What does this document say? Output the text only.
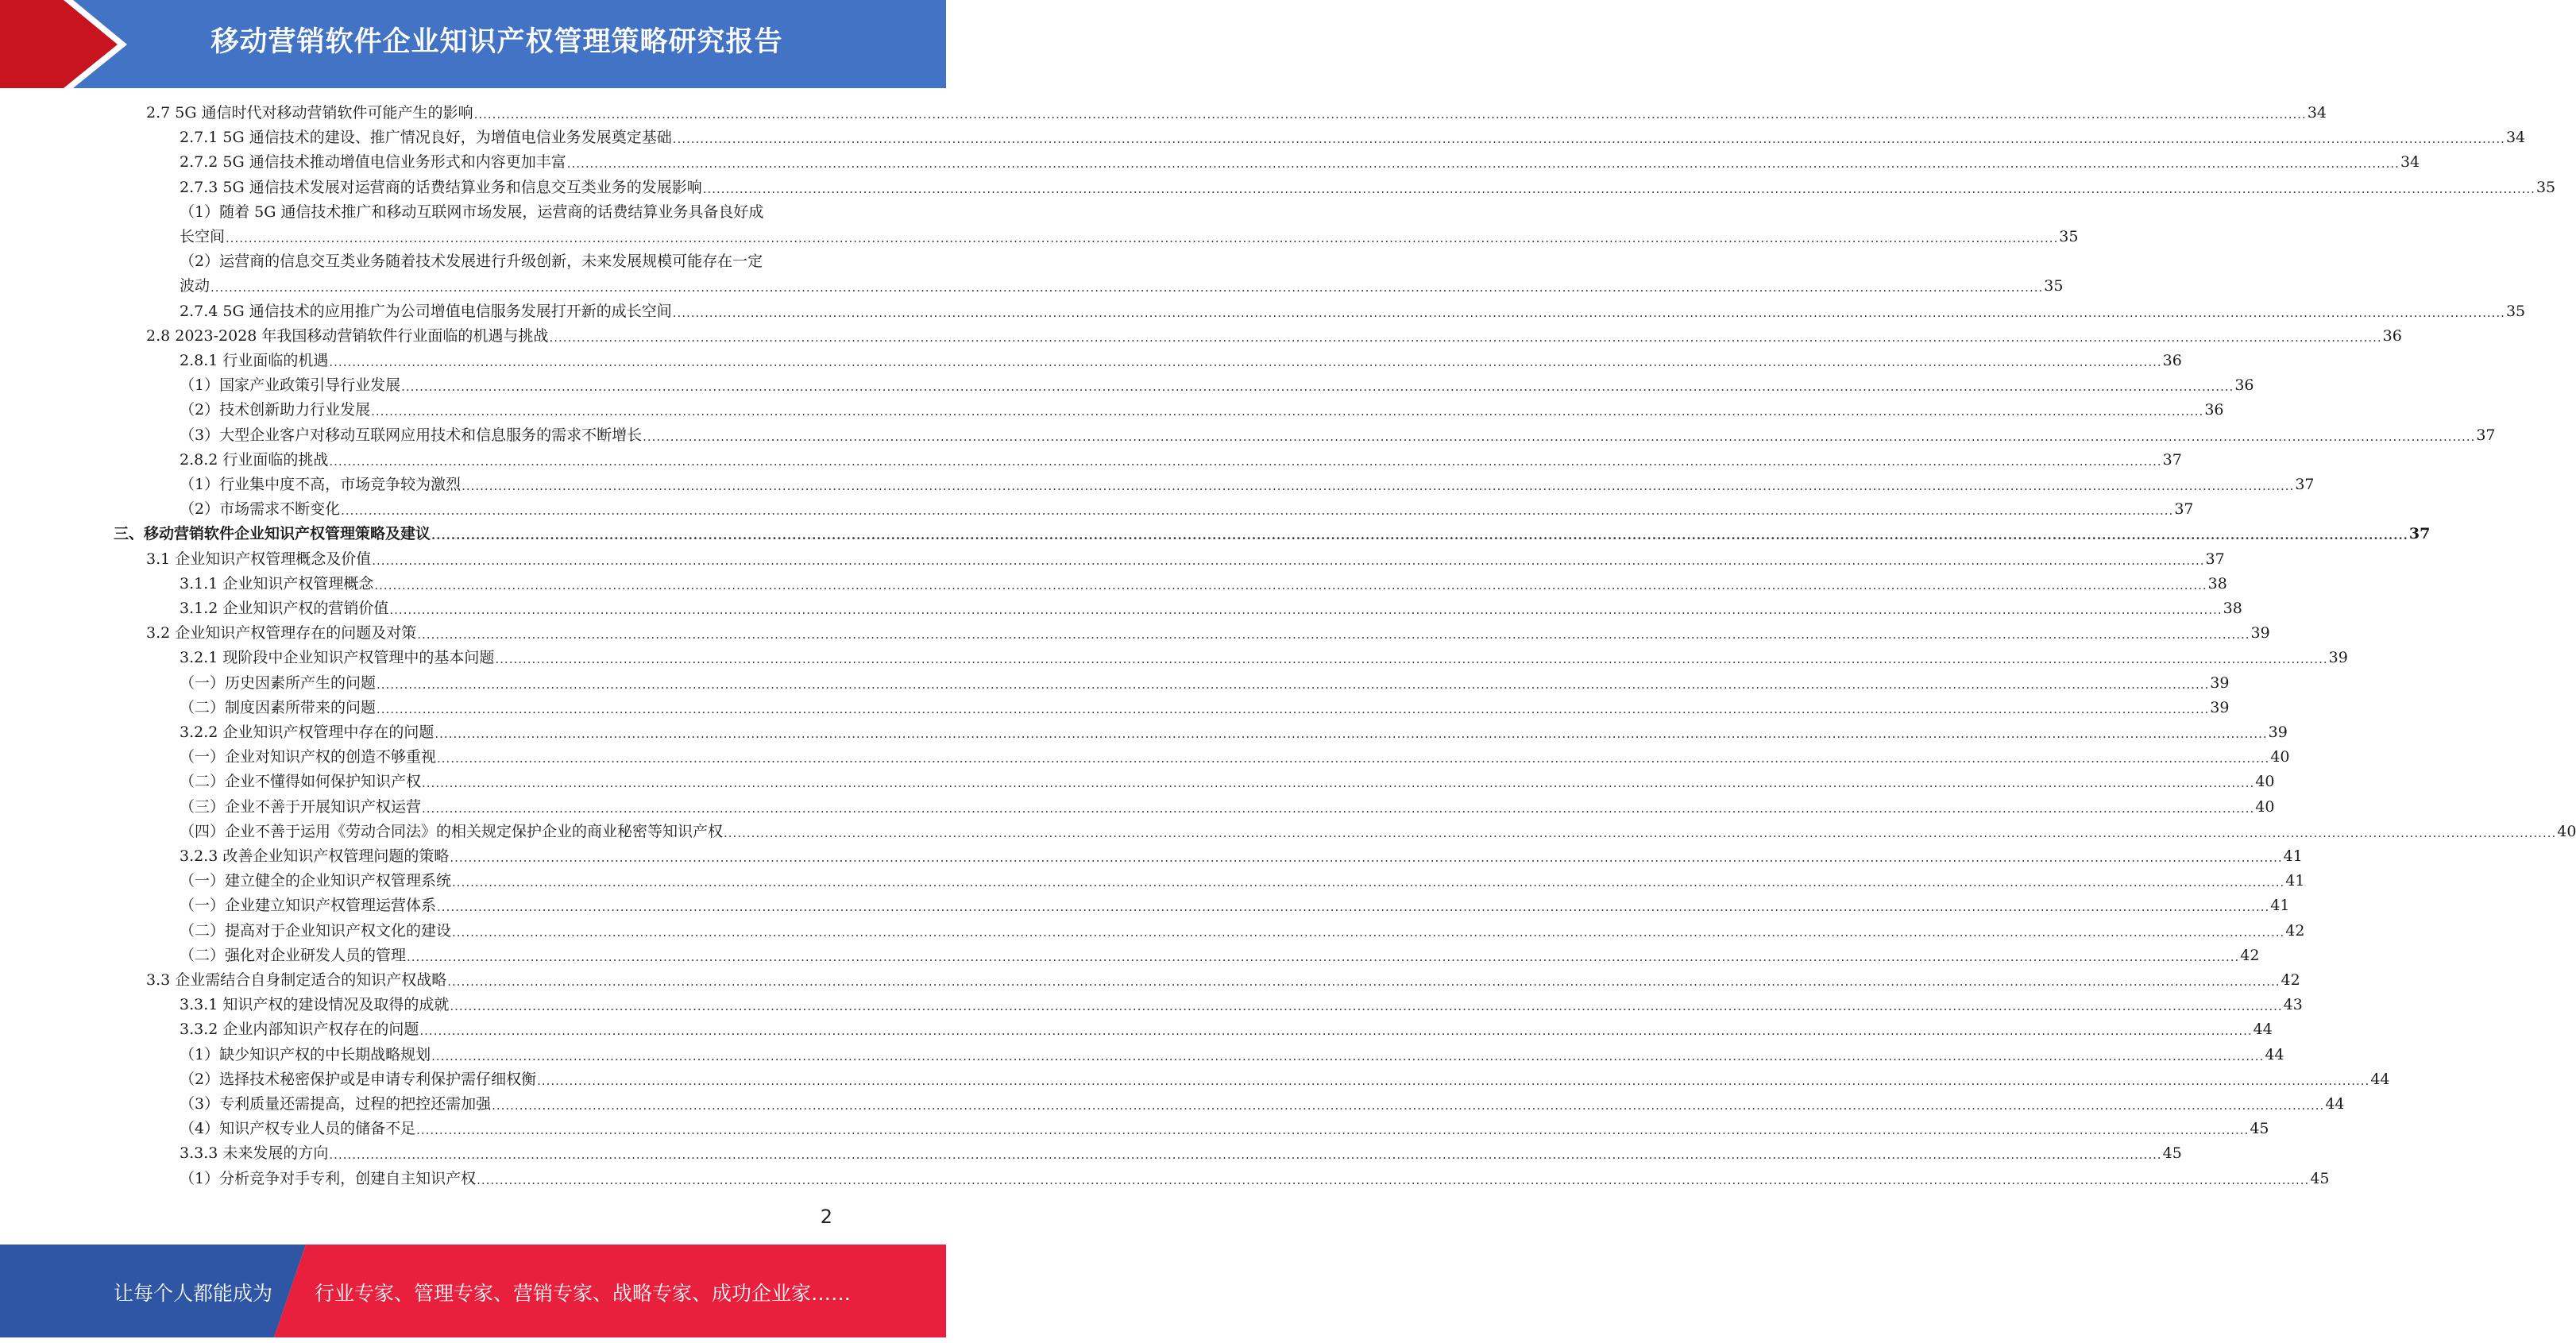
移动营销软件企业知识产权管理策略研究报告
2.7 5G 通信时代对移动营销软件可能产生的影响 ................................................................................................................................................................................................................................................................................................................................................................................................................ 34
2.7.1 5G 通信技术的建设、推广情况良好，为增值电信业务发展奠定基础 ................................................................................................................................................................................................................................................................................................................................................................................................................ 34
2.7.2 5G 通信技术推动增值电信业务形式和内容更加丰富 ................................................................................................................................................................................................................................................................................................................................................................................................................ 34
2.7.3 5G 通信技术发展对运营商的话费结算业务和信息交互类业务的发展影响 ................................................................................................................................................................................................................................................................................................................................................................................................................ 35
（1）随着 5G 通信技术推广和移动互联网市场发展，运营商的话费结算业务具备良好成
长空间 ................................................................................................................................................................................................................................................................................................................................................................................................................ 35
（2）运营商的信息交互类业务随着技术发展进行升级创新，未来发展规模可能存在一定
波动 ................................................................................................................................................................................................................................................................................................................................................................................................................ 35
2.7.4 5G 通信技术的应用推广为公司增值电信服务发展打开新的成长空间 ................................................................................................................................................................................................................................................................................................................................................................................................................ 35
2.8 2023-2028 年我国移动营销软件行业面临的机遇与挑战 ................................................................................................................................................................................................................................................................................................................................................................................................................ 36
2.8.1 行业面临的机遇 ................................................................................................................................................................................................................................................................................................................................................................................................................ 36
（1）国家产业政策引导行业发展 ................................................................................................................................................................................................................................................................................................................................................................................................................ 36
（2）技术创新助力行业发展 ................................................................................................................................................................................................................................................................................................................................................................................................................ 36
（3）大型企业客户对移动互联网应用技术和信息服务的需求不断增长 ................................................................................................................................................................................................................................................................................................................................................................................................................ 37
2.8.2 行业面临的挑战 ................................................................................................................................................................................................................................................................................................................................................................................................................ 37
（1）行业集中度不高，市场竞争较为激烈 ................................................................................................................................................................................................................................................................................................................................................................................................................ 37
（2）市场需求不断变化 ................................................................................................................................................................................................................................................................................................................................................................................................................ 37
三、移动营销软件企业知识产权管理策略及建议 ................................................................................................................................................................................................................................................................................................................................................................................................................ 37
3.1 企业知识产权管理概念及价值 ................................................................................................................................................................................................................................................................................................................................................................................................................ 37
3.1.1 企业知识产权管理概念 ................................................................................................................................................................................................................................................................................................................................................................................................................ 38
3.1.2 企业知识产权的营销价值 ................................................................................................................................................................................................................................................................................................................................................................................................................ 38
3.2 企业知识产权管理存在的问题及对策 ................................................................................................................................................................................................................................................................................................................................................................................................................ 39
3.2.1 现阶段中企业知识产权管理中的基本问题 ................................................................................................................................................................................................................................................................................................................................................................................................................ 39
（一）历史因素所产生的问题 ................................................................................................................................................................................................................................................................................................................................................................................................................ 39
（二）制度因素所带来的问题 ................................................................................................................................................................................................................................................................................................................................................................................................................ 39
3.2.2 企业知识产权管理中存在的问题 ................................................................................................................................................................................................................................................................................................................................................................................................................ 39
（一）企业对知识产权的创造不够重视 ................................................................................................................................................................................................................................................................................................................................................................................................................ 40
（二）企业不懂得如何保护知识产权 ................................................................................................................................................................................................................................................................................................................................................................................................................ 40
（三）企业不善于开展知识产权运营 ................................................................................................................................................................................................................................................................................................................................................................................................................ 40
（四）企业不善于运用《劳动合同法》的相关规定保护企业的商业秘密等知识产权 ................................................................................................................................................................................................................................................................................................................................................................................................................ 40
3.2.3 改善企业知识产权管理问题的策略 ................................................................................................................................................................................................................................................................................................................................................................................................................ 41
（一）建立健全的企业知识产权管理系统 ................................................................................................................................................................................................................................................................................................................................................................................................................ 41
（一）企业建立知识产权管理运营体系 ................................................................................................................................................................................................................................................................................................................................................................................................................ 41
（二）提高对于企业知识产权文化的建设 ................................................................................................................................................................................................................................................................................................................................................................................................................ 42
（二）强化对企业研发人员的管理 ................................................................................................................................................................................................................................................................................................................................................................................................................ 42
3.3 企业需结合自身制定适合的知识产权战略 ................................................................................................................................................................................................................................................................................................................................................................................................................ 42
3.3.1 知识产权的建设情况及取得的成就 ................................................................................................................................................................................................................................................................................................................................................................................................................ 43
3.3.2 企业内部知识产权存在的问题 ................................................................................................................................................................................................................................................................................................................................................................................................................ 44
（1）缺少知识产权的中长期战略规划 ................................................................................................................................................................................................................................................................................................................................................................................................................ 44
（2）选择技术秘密保护或是申请专利保护需仔细权衡 ................................................................................................................................................................................................................................................................................................................................................................................................................ 44
（3）专利质量还需提高，过程的把控还需加强 ................................................................................................................................................................................................................................................................................................................................................................................................................ 44
（4）知识产权专业人员的储备不足 ................................................................................................................................................................................................................................................................................................................................................................................................................ 45
3.3.3 未来发展的方向 ................................................................................................................................................................................................................................................................................................................................................................................................................ 45
（1）分析竞争对手专利，创建自主知识产权 ................................................................................................................................................................................................................................................................................................................................................................................................................ 45
2
让每个人都能成为 行业专家、管理专家、营销专家、战略专家、成功企业家……
